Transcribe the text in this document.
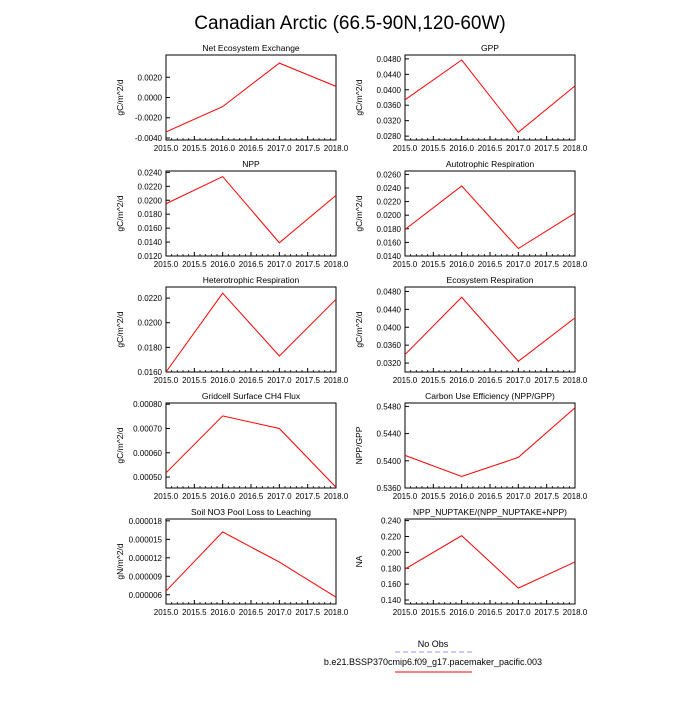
Canadian Arctic (66.5-90N,120-60W)
Net Ecosystem Exchange
gC/m^2/d
2015.0 2015.5 2016.0 2016.5 2017.0 2017.5 2018.0
-0.0040
-0.0020
0.0000
0.0020
GPP
gC/m^2/d
2015.0 2015.5 2016.0 2016.5 2017.0 2017.5 2018.0
0.0280
0.0320
0.0360
0.0400
0.0440
0.0480
NPP
gC/m^2/d
2015.0 2015.5 2016.0 2016.5 2017.0 2017.5 2018.0
0.0120
0.0140
0.0160
0.0180
0.0200
0.0220
0.0240
Autotrophic Respiration
gC/m^2/d
2015.0 2015.5 2016.0 2016.5 2017.0 2017.5 2018.0
0.0140
0.0160
0.0180
0.0200
0.0220
0.0240
0.0260
Heterotrophic Respiration
gC/m^2/d
2015.0 2015.5 2016.0 2016.5 2017.0 2017.5 2018.0
0.0160
0.0180
0.0200
0.0220
Ecosystem Respiration
gC/m^2/d
2015.0 2015.5 2016.0 2016.5 2017.0 2017.5 2018.0
0.0320
0.0360
0.0400
0.0440
0.0480
Gridcell Surface CH4 Flux
gC/m^2/d
2015.0 2015.5 2016.0 2016.5 2017.0 2017.5 2018.0
0.00050
0.00060
0.00070
0.00080
Carbon Use Efficiency (NPP/GPP)
NPP/GPP
2015.0 2015.5 2016.0 2016.5 2017.0 2017.5 2018.0
0.5360
0.5400
0.5440
0.5480
Soil NO3 Pool Loss to Leaching
gN/m^2/d
2015.0 2015.5 2016.0 2016.5 2017.0 2017.5 2018.0
0.000006
0.000009
0.000012
0.000015
0.000018
NPP_NUPTAKE/(NPP_NUPTAKE+NPP)
NA
2015.0 2015.5 2016.0 2016.5 2017.0 2017.5 2018.0
0.140
0.160
0.180
0.200
0.220
0.240
No Obs
b.e21.BSSP370cmip6.f09_g17.pacemaker_pacific.003
